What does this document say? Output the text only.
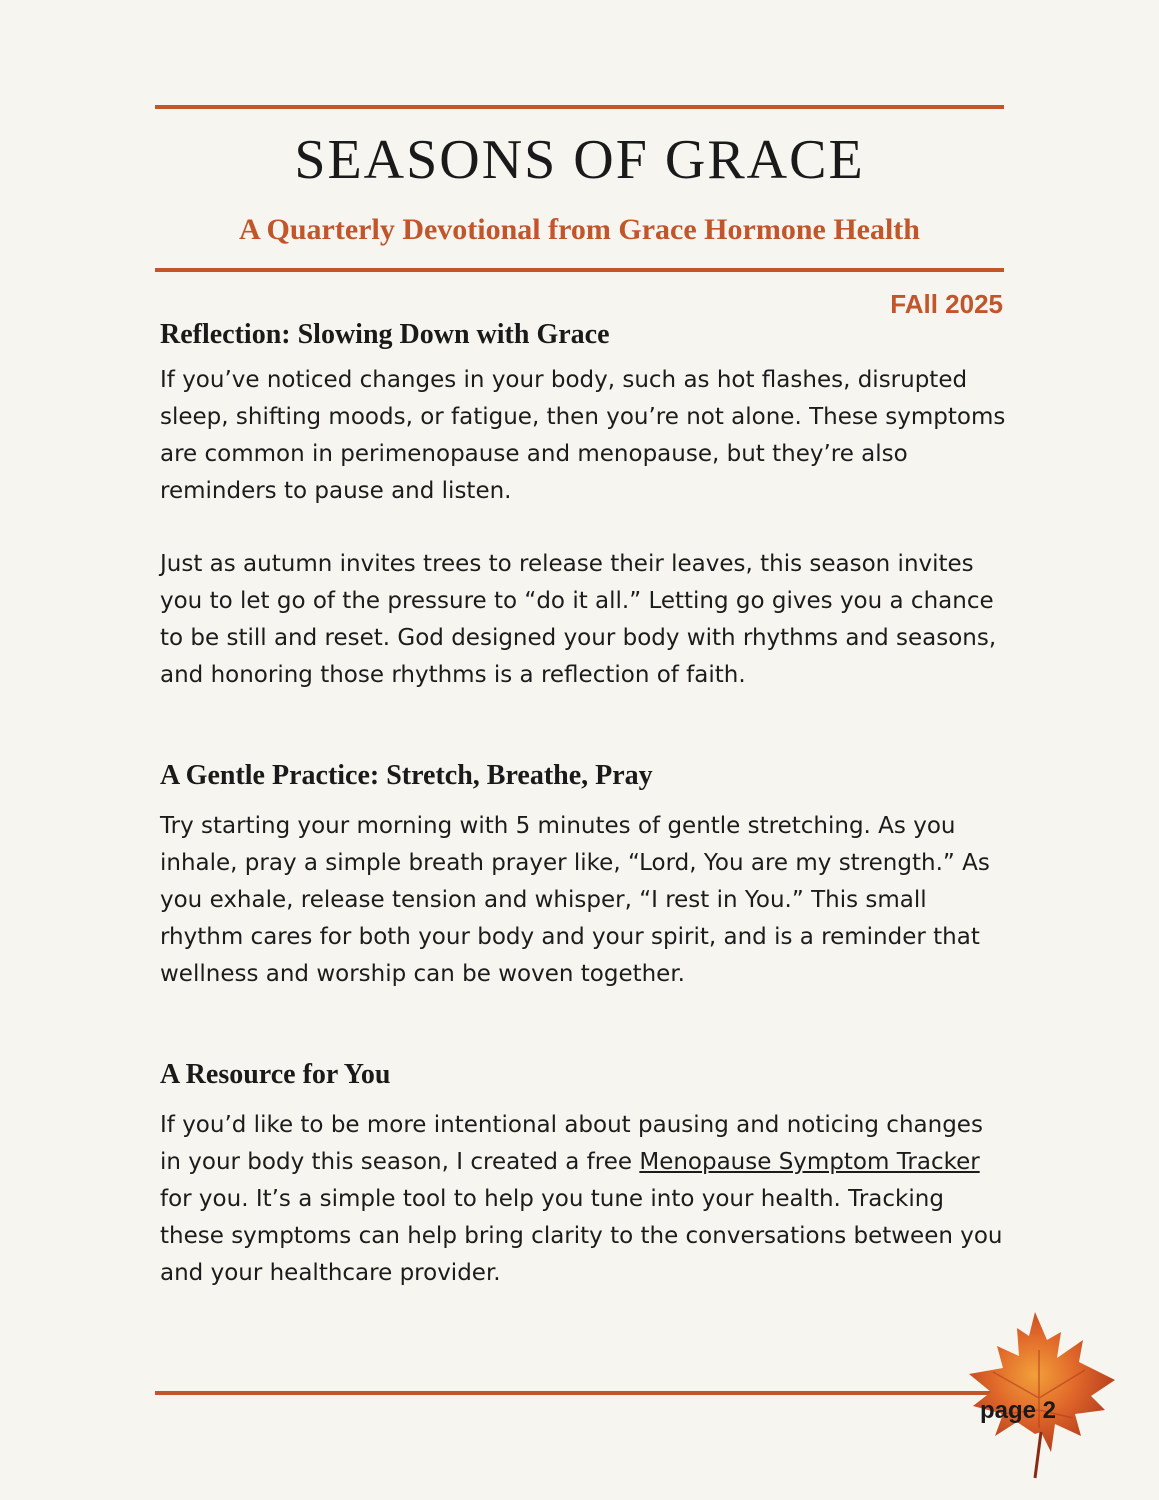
SEASONS OF GRACE
A Quarterly Devotional from Grace Hormone Health
FAll 2025
Reflection: Slowing Down with Grace

If you’ve noticed changes in your body, such as hot flashes, disrupted sleep, shifting moods, or fatigue, then you’re not alone. These symptoms are common in perimenopause and menopause, but they’re also reminders to pause and listen.

Just as autumn invites trees to release their leaves, this season invites you to let go of the pressure to “do it all.” Letting go gives you a chance to be still and reset. God designed your body with rhythms and seasons, and honoring those rhythms is a reflection of faith.

A Gentle Practice: Stretch, Breathe, Pray

Try starting your morning with 5 minutes of gentle stretching. As you inhale, pray a simple breath prayer like, “Lord, You are my strength.” As you exhale, release tension and whisper, “I rest in You.” This small rhythm cares for both your body and your spirit, and is a reminder that wellness and worship can be woven together.

A Resource for You

If you’d like to be more intentional about pausing and noticing changes in your body this season, I created a free Menopause Symptom Tracker for you. It’s a simple tool to help you tune into your health. Tracking these symptoms can help bring clarity to the conversations between you and your healthcare provider.

page 2
